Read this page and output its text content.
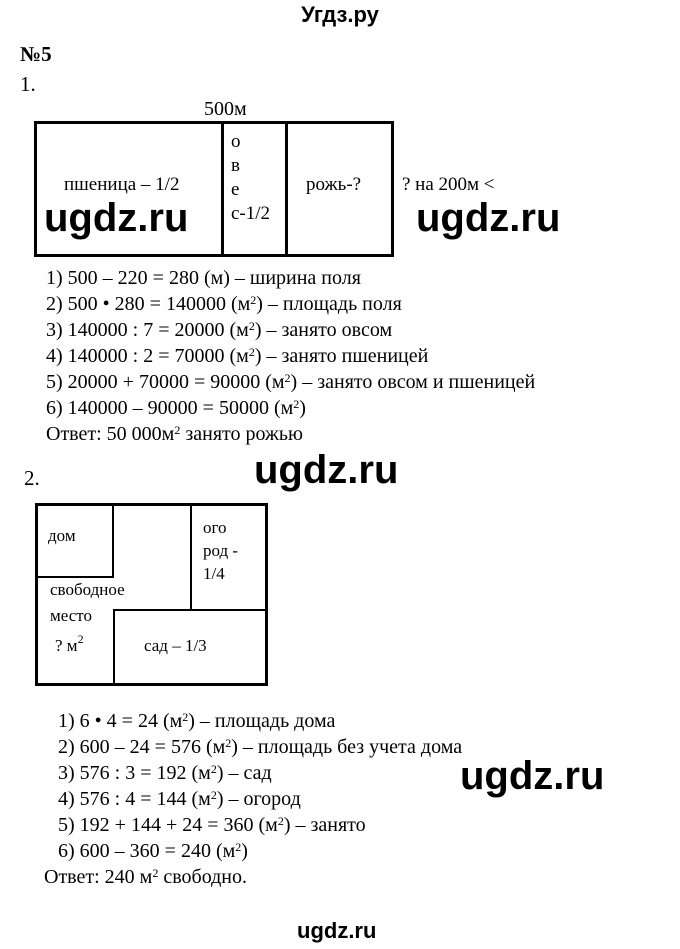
Угдз.ру
№5
1.
500м
пшеница – 1/2
о
в
е
с-1/2
рожь-? ? на 200м <
1) 500 – 220 = 280 (м) – ширина поля
2) 500 • 280 = 140000 $(м^2)$ – площадь поля
3) 140000 : 7 = 20000 $(м^2)$ – занято овсом
4) 140000 : 2 = 70000 $(м^2)$ – занято пшеницей
5) 20000 + 70000 = 90000 $(м^2)$ – занято овсом и пшеницей
6) 140000 – 90000 = 50000 $(м^2)$
Ответ: 50 $000м^2$ занято рожью
2.
дом	ого
род -
1/4
свободное
место
? $м^2$	сад – 1/3
1) 6 • 4 = 24 $(м^2)$ – площадь дома
2) 600 – 24 = 576 $(м^2)$ – площадь без учета дома
3) 576 : 3 = 192 $(м^2)$ – сад
4) 576 : 4 = 144 $(м^2)$ – огород
5) 192 + 144 + 24 = 360 $(м^2)$ – занято
6) 600 – 360 = 240 $(м^2)$
Ответ: 240 $м^2$ свободно.
ugdz.ru	ugdz.ru
ugdz.ru
ugdz.ru
ugdz.ru
